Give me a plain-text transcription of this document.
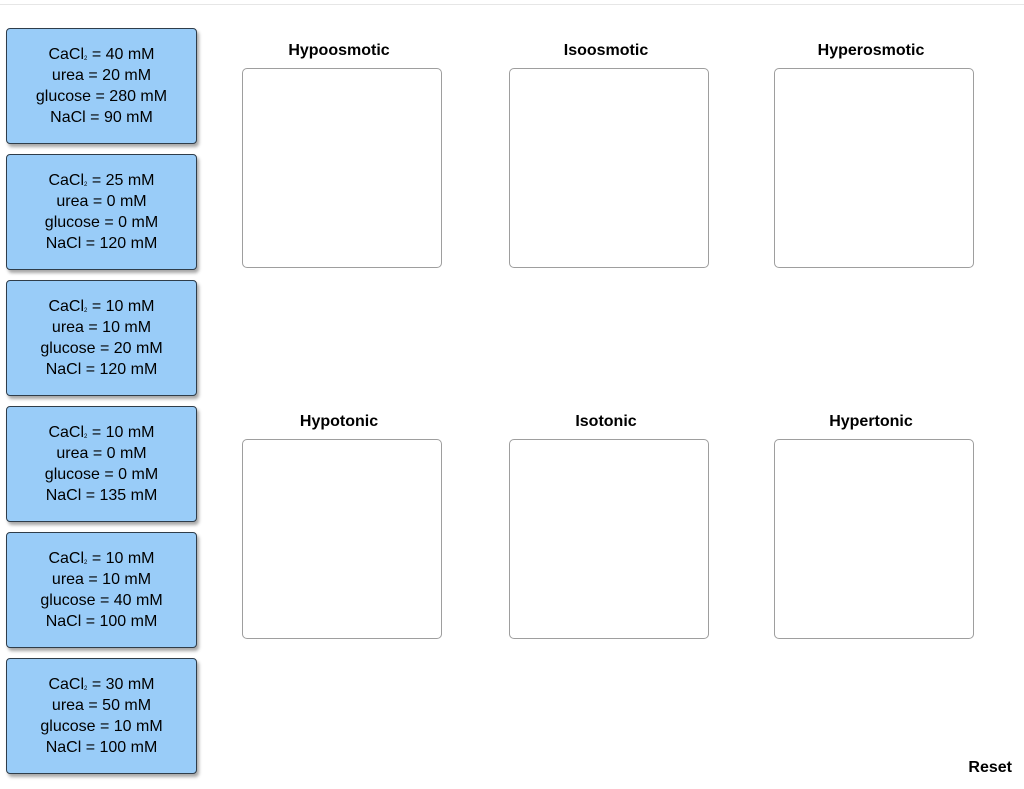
CaCl$_2$ = 40 mM
urea = 20 mM
glucose = 280 mM
NaCl = 90 mM
CaCl$_2$ = 25 mM
urea = 0 mM
glucose = 0 mM
NaCl = 120 mM
CaCl$_2$ = 10 mM
urea = 10 mM
glucose = 20 mM
NaCl = 120 mM
CaCl$_2$ = 10 mM
urea = 0 mM
glucose = 0 mM
NaCl = 135 mM
CaCl$_2$ = 10 mM
urea = 10 mM
glucose = 40 mM
NaCl = 100 mM
CaCl$_2$ = 30 mM
urea = 50 mM
glucose = 10 mM
NaCl = 100 mM
Hypoosmotic	Isoosmotic	Hyperosmotic
Hypotonic	Isotonic	Hypertonic
Reset
